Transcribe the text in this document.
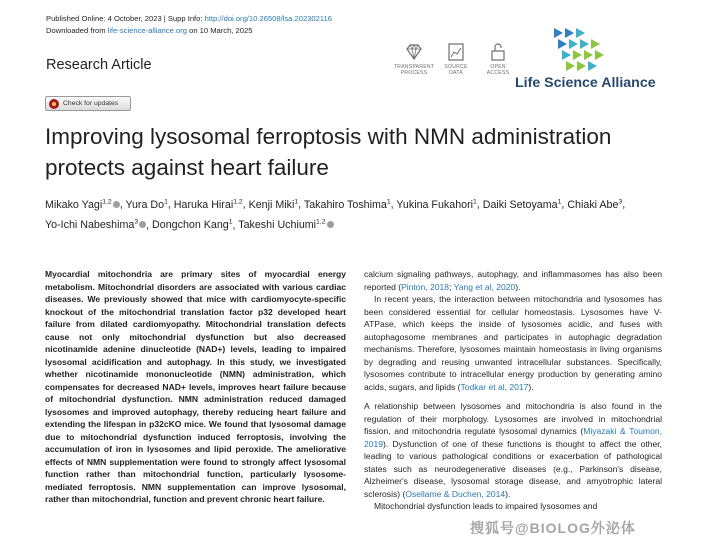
Published Online: 4 October, 2023 | Supp Info: http://doi.org/10.26508/lsa.202302116
Downloaded from life-science-alliance.org on 10 March, 2025
Research Article	TRANSPARENT
PROCESS
SOURCE
DATA
OPEN
ACCESS
Life Science Alliance
Check for updates
Improving lysosomal ferroptosis with NMN administration protects against heart failure
Mikako Yagi$^{1,2}$ , Yura Do$^1$, Haruka Hirai$^{1,2}$, Kenji Miki$^1$, Takahiro Toshima$^1$, Yukina Fukahori$^1$, Daiki Setoyama$^1$, Chiaki Abe$^3$, Yo-Ichi Nabeshima$^3$ , Dongchon Kang$^1$, Takeshi Uchiumi$^{1,2}$
Myocardial mitochondria are primary sites of myocardial energy metabolism. Mitochondrial disorders are associated with various cardiac diseases. We previously showed that mice with cardiomyocyte-specific knockout of the mitochondrial translation factor p32 developed heart failure from dilated cardiomyopathy. Mitochondrial translation defects cause not only mitochondrial dysfunction but also decreased nicotinamide adenine dinucleotide (NAD+) levels, leading to impaired lysosomal acidification and autophagy. In this study, we investigated whether nicotinamide mononucleotide (NMN) administration, which compensates for decreased NAD+ levels, improves heart failure because of mitochondrial dysfunction. NMN administration reduced damaged lysosomes and improved autophagy, thereby reducing heart failure and extending the lifespan in p32cKO mice. We found that lysosomal damage due to mitochondrial dysfunction induced ferroptosis, involving the accumulation of iron in lysosomes and lipid peroxide. The ameliorative effects of NMN supplementation were found to strongly affect lysosomal function rather than mitochondrial function, particularly lysosome-mediated ferroptosis. NMN supplementation can improve lysosomal, rather than mitochondrial, function and prevent chronic heart failure.

calcium signaling pathways, autophagy, and inflammasomes has also been reported (Pinton, 2018; Yang et al, 2020).

In recent years, the interaction between mitochondria and lysosomes has been considered essential for cellular homeostasis. Lysosomes have V-ATPase, which keeps the inside of lysosomes acidic, and fuses with autophagosome membranes and participates in autophagic degradation mechanisms. Therefore, lysosomes maintain homeostasis in living organisms by degrading and reusing unwanted intracellular substances. Specifically, lysosomes contribute to intracellular energy production by generating amino acids, sugars, and lipids (Todkar et al, 2017).

A relationship between lysosomes and mitochondria is also found in the regulation of their morphology. Lysosomes are involved in mitochondrial fission, and mitochondria regulate lysosomal dynamics (Miyazaki & Toumon, 2019). Dysfunction of one of these functions is thought to affect the other, leading to various pathological conditions or exacerbation of pathological states such as neurodegenerative diseases (e.g., Parkinson's disease, Alzheimer's disease, lysosomal storage disease, and amyotrophic lateral sclerosis) (Osellame & Duchen, 2014).

Mitochondrial dysfunction leads to impaired lysosomes and

搜狐号@BIOLOG外泌体
